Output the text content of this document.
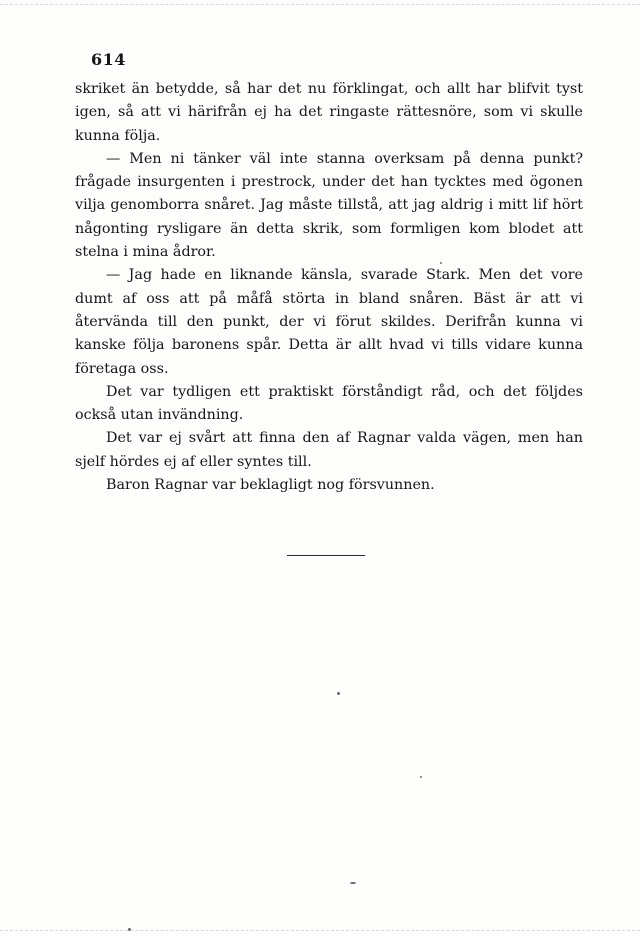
614

skriket än betydde, så har det nu förklingat, och allt har blifvit tyst igen, så att vi härifrån ej ha det ringaste rättesnöre, som vi skulle kunna följa.

— Men ni tänker väl inte stanna overksam på denna punkt? frågade insurgenten i prestrock, under det han tycktes med ögonen vilja genomborra snåret. Jag måste tillstå, att jag aldrig i mitt lif hört någonting rysligare än detta skrik, som formligen kom blodet att stelna i mina ådror.

— Jag hade en liknande känsla, svarade Stark. Men det vore dumt af oss att på måfå störta in bland snåren. Bäst är att vi återvända till den punkt, der vi förut skildes. Derifrån kunna vi kanske följa baronens spår. Detta är allt hvad vi tills vidare kunna företaga oss.

Det var tydligen ett praktiskt förståndigt råd, och det följdes också utan invändning.

Det var ej svårt att finna den af Ragnar valda vägen, men han sjelf hördes ej af eller syntes till.

Baron Ragnar var beklagligt nog försvunnen.
